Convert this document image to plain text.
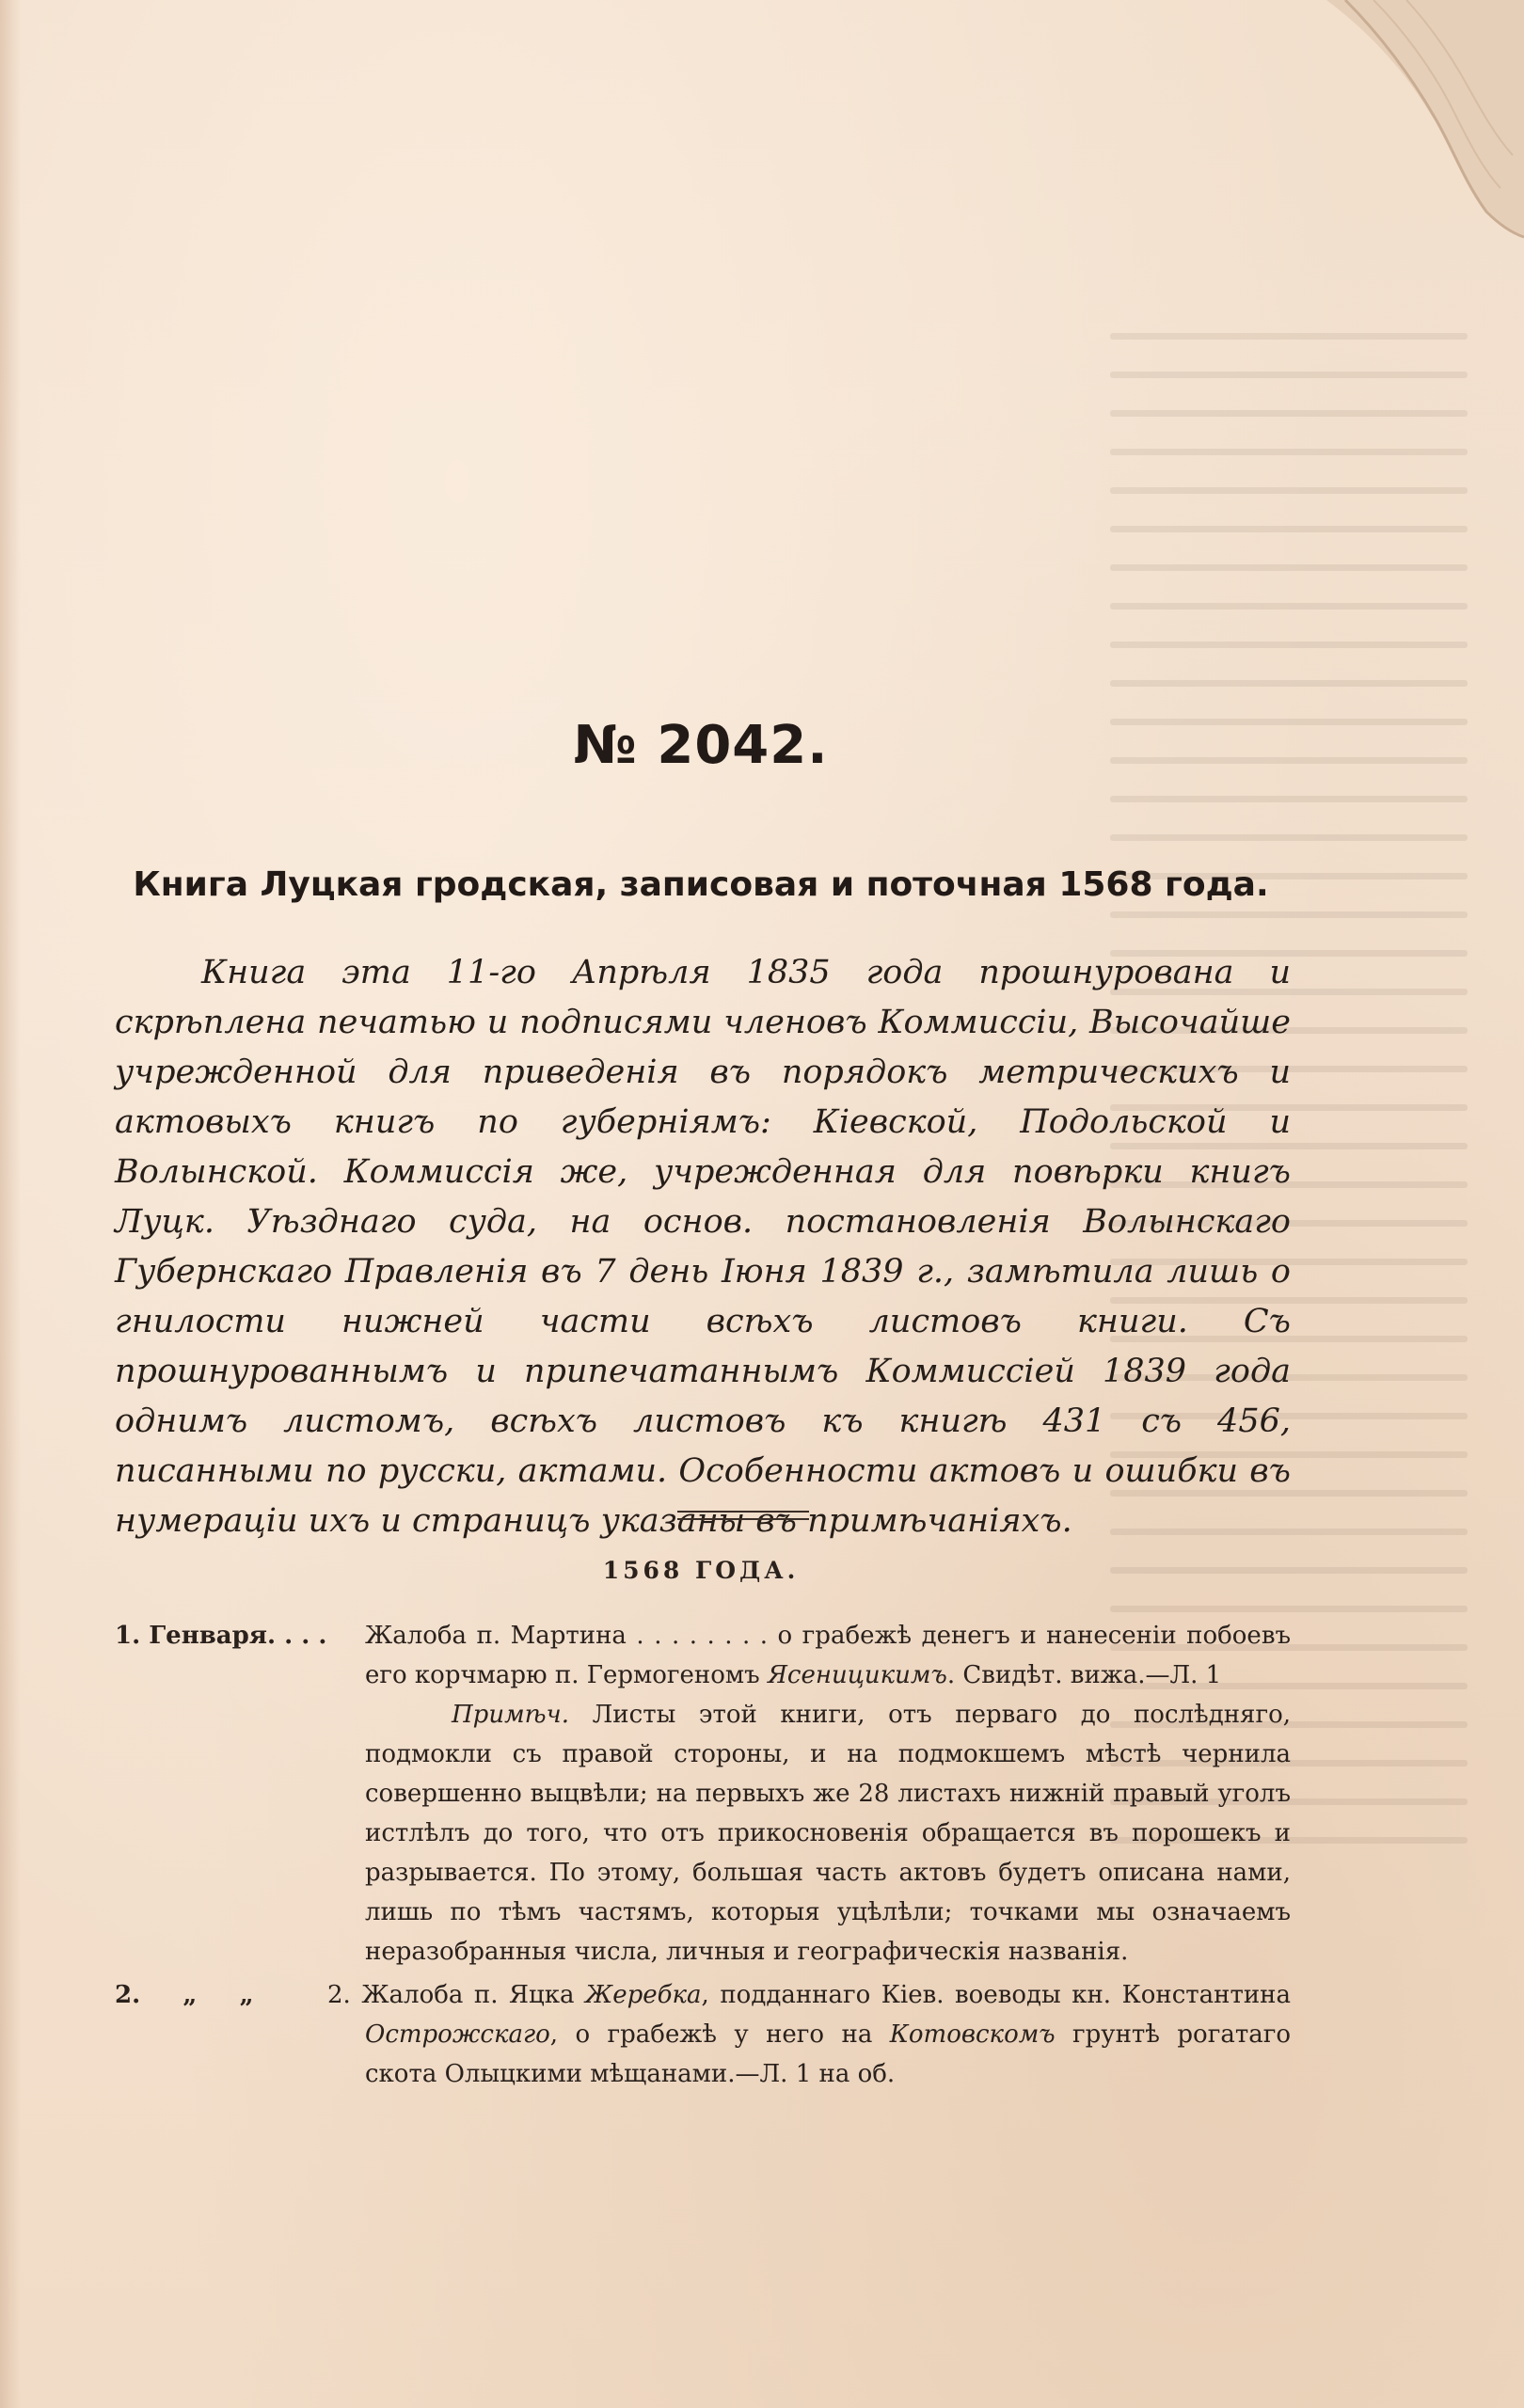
№ 2042.
Книга Луцкая гродская, записовая и поточная 1568 года.
Книга эта 11-го Апрѣля 1835 года прошнурована и скрѣплена печатью и подписями членовъ Коммиссіи, Высочайше учрежденной для приведенія въ порядокъ метрическихъ и актовыхъ книгъ по губерніямъ: Кіевской, Подольской и Волынской. Коммиссія же, учрежденная для повѣрки книгъ Луцк. Уѣзднаго суда, на основ. постановленія Волынскаго Губернскаго Правленія въ 7 день Іюня 1839 г., замѣтила лишь о гнилости нижней части всѣхъ листовъ книги. Съ прошнурованнымъ и припечатаннымъ Коммиссіей 1839 года однимъ листомъ, всѣхъ листовъ къ книгѣ 431 съ 456, писанными по русски, актами. Особенности актовъ и ошибки въ нумераціи ихъ и страницъ указаны въ примѣчаніяхъ.
1568 ГОДА.
1. Генваря. . . .	Жалоба п. Мартина . . . . . . . . о грабежѣ денегъ и нанесеніи побоевъ его корчмарю п. Гермогеномъ Ясеницикимъ. Свидѣт. вижа.—Л. 1
Примѣч. Листы этой книги, отъ перваго до послѣдняго, подмокли съ правой стороны, и на подмокшемъ мѣстѣ чернила совершенно выцвѣли; на первыхъ же 28 листахъ нижній правый уголъ истлѣлъ до того, что отъ прикосновенія обращается въ порошекъ и разрывается. По этому, большая часть актовъ будетъ описана нами, лишь по тѣмъ частямъ, которыя уцѣлѣли; точками мы означаемъ неразобранныя числа, личныя и географическія названія.
2.     „     „	2. Жалоба п. Яцка Жеребка, подданнаго Кіев. воеводы кн. Константина Острожскаго, о грабежѣ у него на Котовскомъ грунтѣ рогатаго скота Олыцкими мѣщанами.—Л. 1 на об.
